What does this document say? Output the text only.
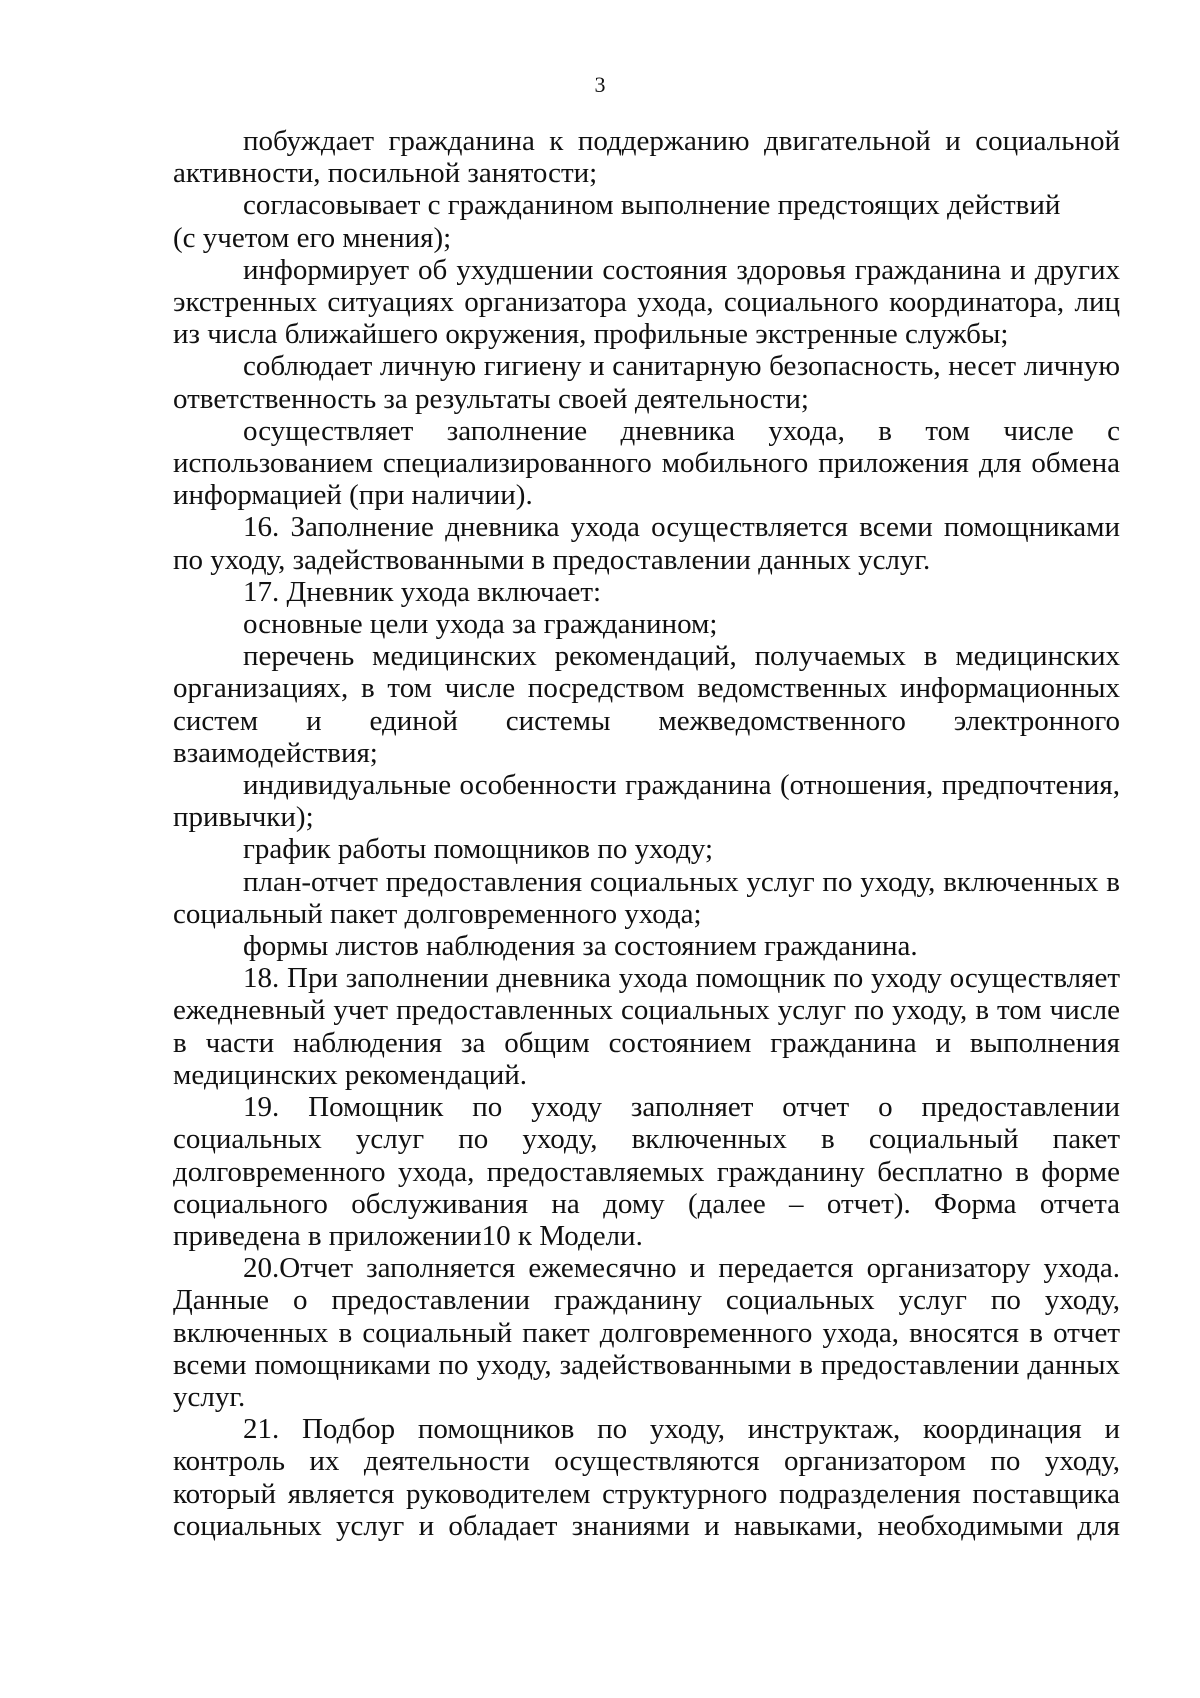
3

побуждает гражданина к поддержанию двигательной и социальной активности, посильной занятости;

согласовывает с гражданином выполнение предстоящих действий

(с учетом его мнения);

информирует об ухудшении состояния здоровья гражданина и других экстренных ситуациях организатора ухода, социального координатора, лиц из числа ближайшего окружения, профильные экстренные службы;

соблюдает личную гигиену и санитарную безопасность, несет личную ответственность за результаты своей деятельности;

осуществляет заполнение дневника ухода, в том числе с использованием специализированного мобильного приложения для обмена информацией (при наличии).

16. Заполнение дневника ухода осуществляется всеми помощниками по уходу, задействованными в предоставлении данных услуг.

17. Дневник ухода включает:

основные цели ухода за гражданином;

перечень медицинских рекомендаций, получаемых в медицинских организациях, в том числе посредством ведомственных информационных систем и единой системы межведомственного электронного взаимодействия;

индивидуальные особенности гражданина (отношения, предпочтения, привычки);

график работы помощников по уходу;

план-отчет предоставления социальных услуг по уходу, включенных в социальный пакет долговременного ухода;

формы листов наблюдения за состоянием гражданина.

18. При заполнении дневника ухода помощник по уходу осуществляет ежедневный учет предоставленных социальных услуг по уходу, в том числе в части наблюдения за общим состоянием гражданина и выполнения медицинских рекомендаций.

19. Помощник по уходу заполняет отчет о предоставлении социальных услуг по уходу, включенных в социальный пакет долговременного ухода, предоставляемых гражданину бесплатно в форме социального обслуживания на дому (далее – отчет). Форма отчета приведена в приложении10 к Модели.

20.Отчет заполняется ежемесячно и передается организатору ухода. Данные о предоставлении гражданину социальных услуг по уходу, включенных в социальный пакет долговременного ухода, вносятся в отчет всеми помощниками по уходу, задействованными в предоставлении данных услуг.

21. Подбор помощников по уходу, инструктаж, координация и контроль их деятельности осуществляются организатором по уходу, который является руководителем структурного подразделения поставщика социальных услуг и обладает знаниями и навыками, необходимыми для
